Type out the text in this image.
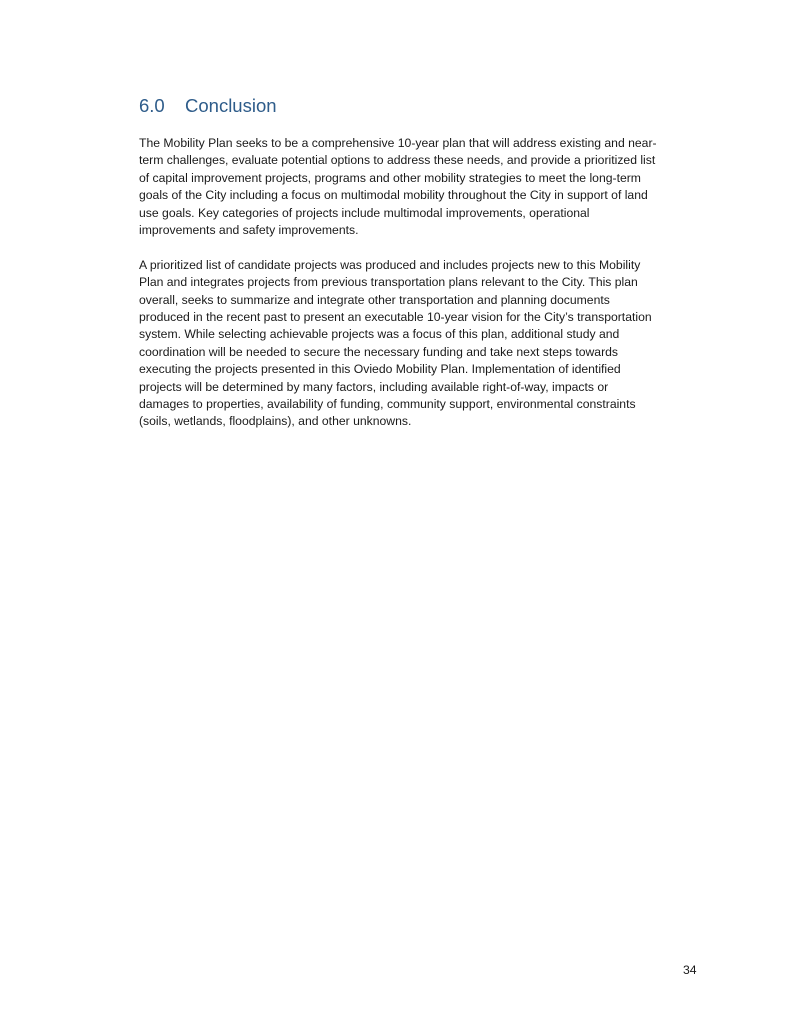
6.0 Conclusion

The Mobility Plan seeks to be a comprehensive 10-year plan that will address existing and near-
term challenges, evaluate potential options to address these needs, and provide a prioritized list
of capital improvement projects, programs and other mobility strategies to meet the long-term
goals of the City including a focus on multimodal mobility throughout the City in support of land
use goals. Key categories of projects include multimodal improvements, operational
improvements and safety improvements.

A prioritized list of candidate projects was produced and includes projects new to this Mobility
Plan and integrates projects from previous transportation plans relevant to the City. This plan
overall, seeks to summarize and integrate other transportation and planning documents
produced in the recent past to present an executable 10-year vision for the City’s transportation
system. While selecting achievable projects was a focus of this plan, additional study and
coordination will be needed to secure the necessary funding and take next steps towards
executing the projects presented in this Oviedo Mobility Plan. Implementation of identified
projects will be determined by many factors, including available right-of-way, impacts or
damages to properties, availability of funding, community support, environmental constraints
(soils, wetlands, floodplains), and other unknowns.

34
